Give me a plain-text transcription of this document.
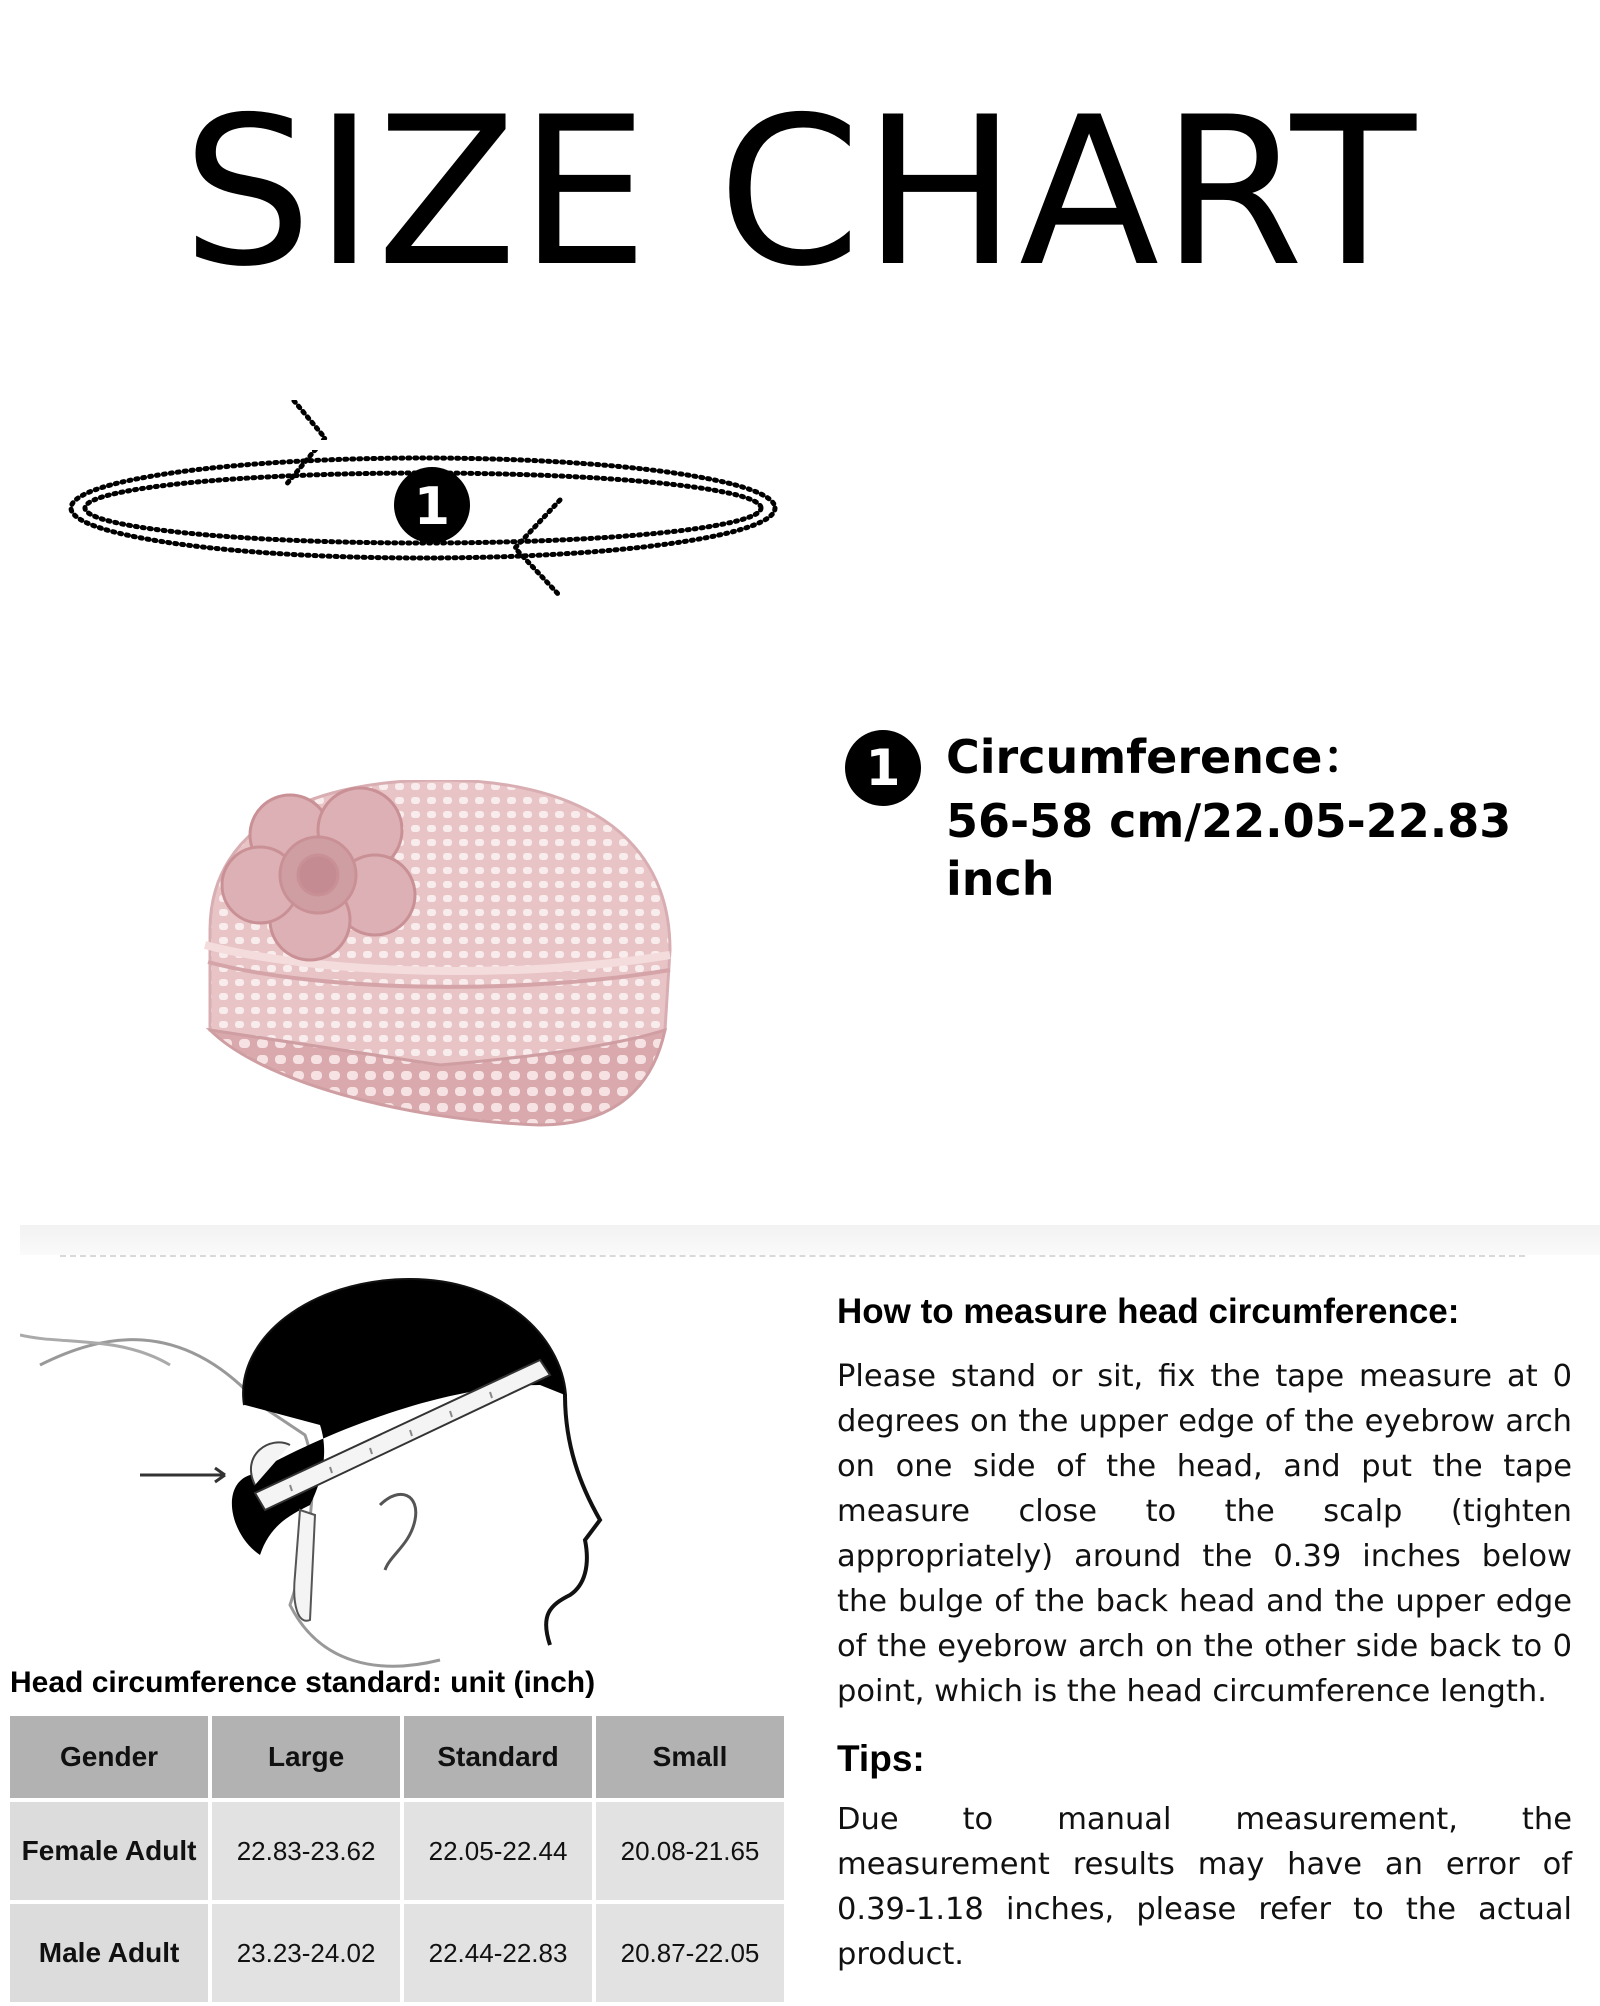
SIZE CHART
1
1 Circumference：
56-58 cm/22.05-22.83 inch
How to measure head circumference:
Please stand or sit, fix the tape measure at 0 degrees on the upper edge of the eyebrow arch on one side of the head, and put the tape measure close to the scalp (tighten appropriately) around the 0.39 inches below the bulge of the back head and the upper edge of the eyebrow arch on the other side back to 0 point, which is the head circumference length.
Tips:
Due to manual measurement, the measurement results may have an error of 0.39-1.18 inches, please refer to the actual product.
Head circumference standard: unit (inch)
Gender	Large	Standard	Small
Female Adult	22.83-23.62	22.05-22.44	20.08-21.65
Male Adult	23.23-24.02	22.44-22.83	20.87-22.05
